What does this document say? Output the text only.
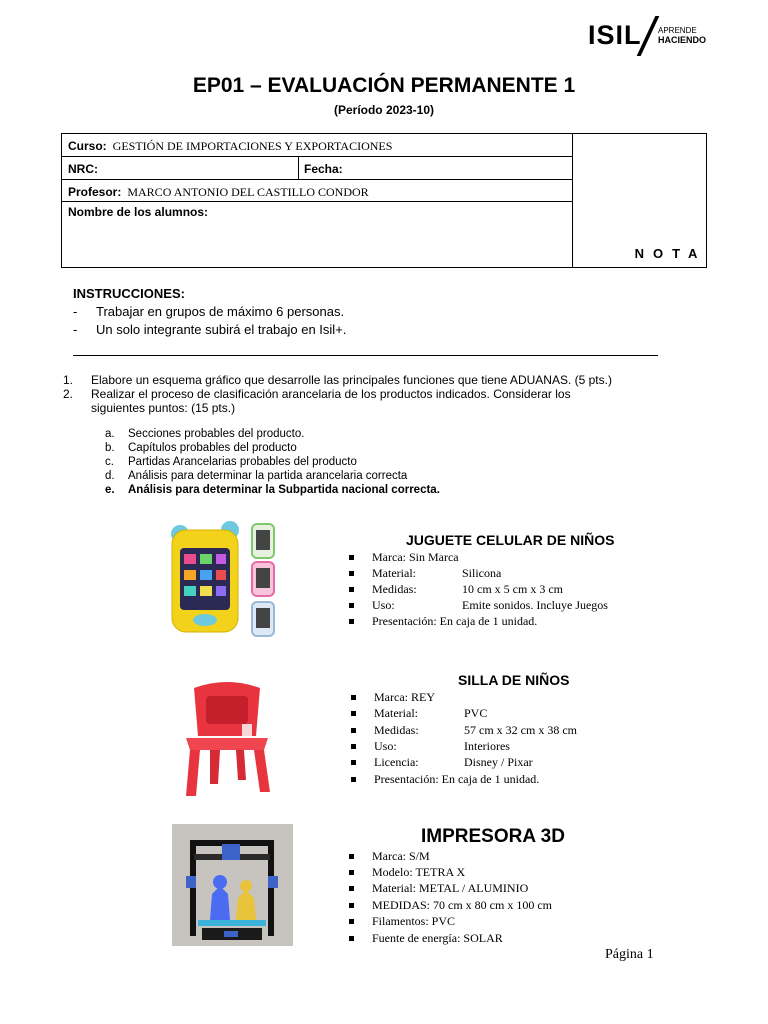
ISIL APRENDE
HACIENDO
EP01 – EVALUACIÓN PERMANENTE 1
(Período 2023-10)
Curso: GESTIÓN DE IMPORTACIONES Y EXPORTACIONES
NRC:	Fecha:
Profesor: MARCO ANTONIO DEL CASTILLO CONDOR
Nombre de los alumnos:
NOTA
INSTRUCCIONES:
- Trabajar en grupos de máximo 6 personas.
- Un solo integrante subirá el trabajo en Isil+.
1. Elabore un esquema gráfico que desarrolle las principales funciones que tiene ADUANAS. (5 pts.)
2. Realizar el proceso de clasificación arancelaria de los productos indicados. Considerar los
siguientes puntos: (15 pts.)
a. Secciones probables del producto.
b. Capítulos probables del producto
c. Partidas Arancelarias probables del producto
d. Análisis para determinar la partida arancelaria correcta
e. Análisis para determinar la Subpartida nacional correcta.
JUGUETE CELULAR DE NIÑOS
Marca: Sin Marca
Material:	Silicona
Medidas:	10 cm x 5 cm x 3 cm
Uso:	Emite sonidos. Incluye Juegos
Presentación: En caja de 1 unidad.
SILLA DE NIÑOS
Marca: REY
Material:	PVC
Medidas:	57 cm x 32 cm x 38 cm
Uso:	Interiores
Licencia:	Disney / Pixar
Presentación: En caja de 1 unidad.
IMPRESORA 3D
Marca: S/M
Modelo: TETRA X
Material: METAL / ALUMINIO
MEDIDAS: 70 cm x 80 cm x 100 cm
Filamentos: PVC
Fuente de energía: SOLAR
Página 1
